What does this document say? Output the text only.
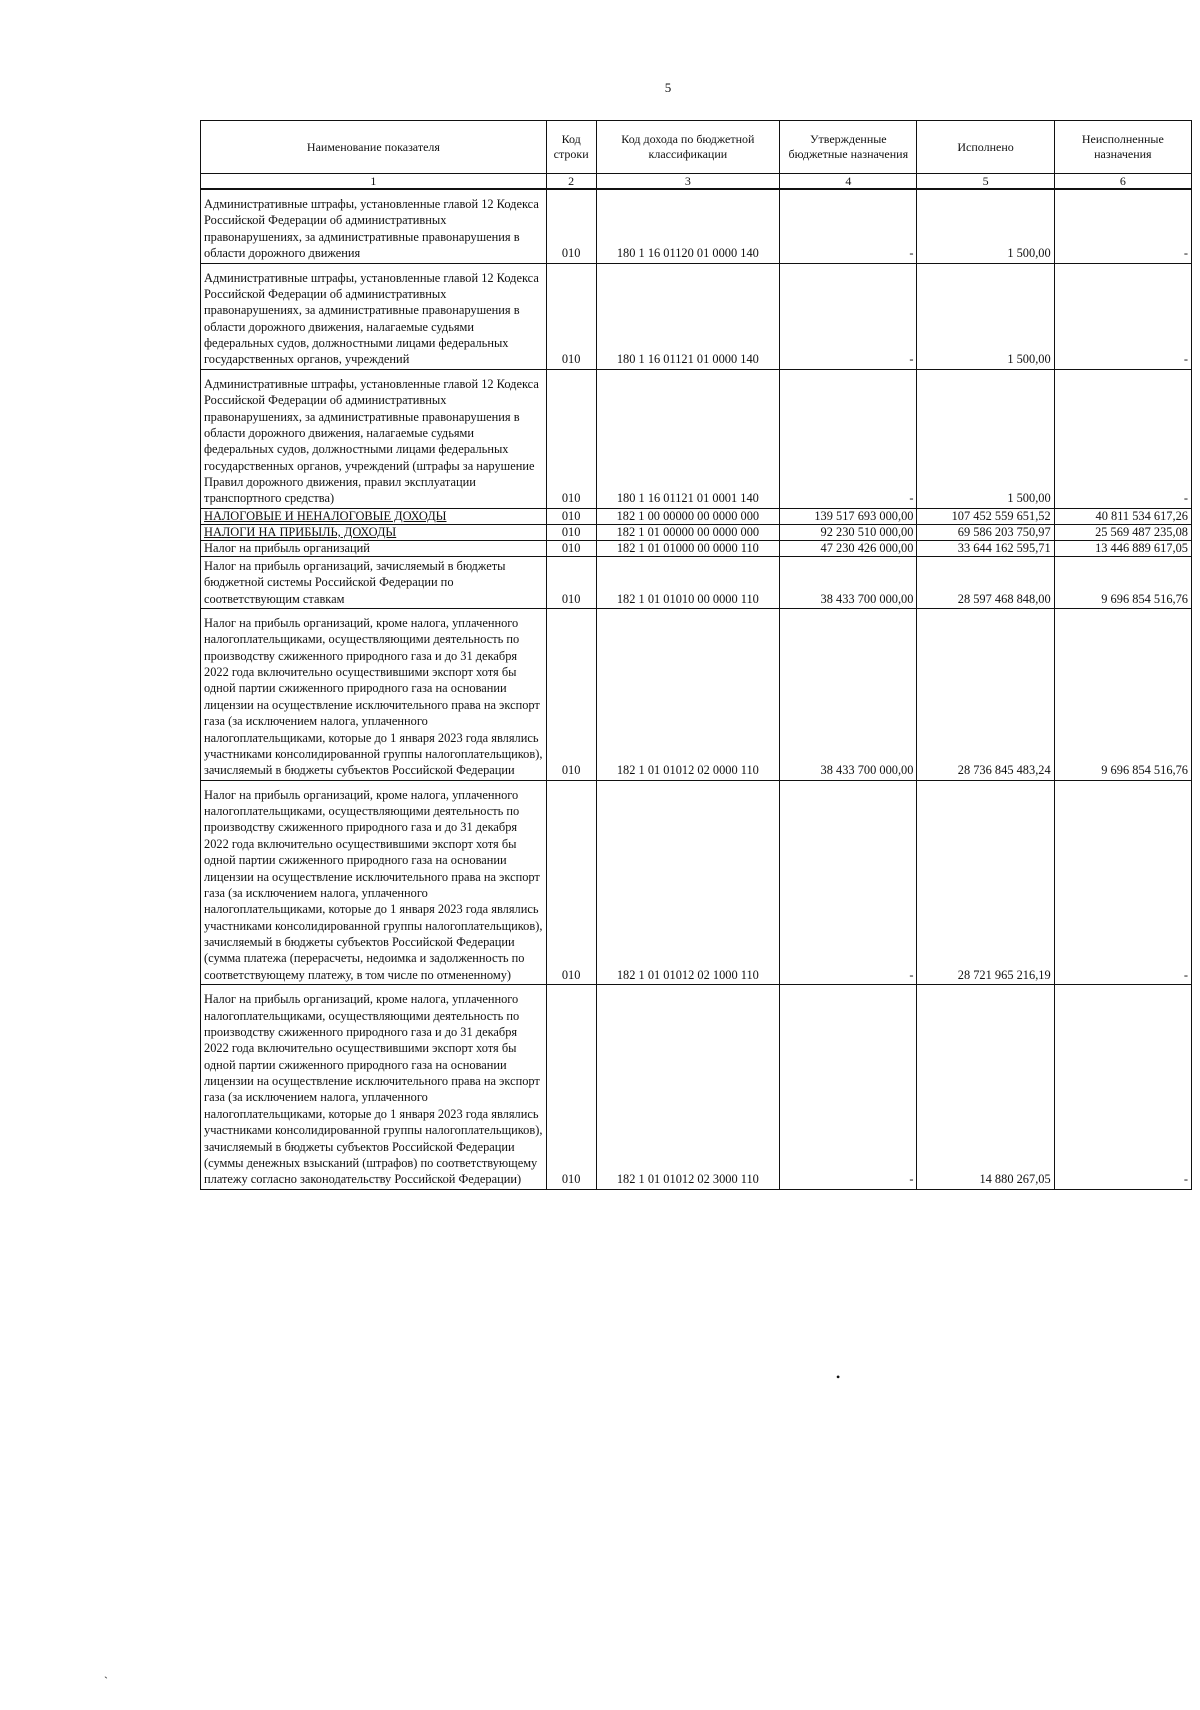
5
Наименование показателя	Код строки	Код дохода по бюджетной классификации	Утвержденные бюджетные назначения	Исполнено	Неисполненные назначения
1	2	3	4	5	6
Административные штрафы, установленные главой 12 Кодекса Российской Федерации об административных правонарушениях, за административные правонарушения в области дорожного движения	010	180 1 16 01120 01 0000 140	-	1 500,00	-
Административные штрафы, установленные главой 12 Кодекса Российской Федерации об административных правонарушениях, за административные правонарушения в области дорожного движения, налагаемые судьями федеральных судов, должностными лицами федеральных государственных органов, учреждений	010	180 1 16 01121 01 0000 140	-	1 500,00	-
Административные штрафы, установленные главой 12 Кодекса Российской Федерации об административных правонарушениях, за административные правонарушения в области дорожного движения, налагаемые судьями федеральных судов, должностными лицами федеральных государственных органов, учреждений (штрафы за нарушение Правил дорожного движения, правил эксплуатации транспортного средства)	010	180 1 16 01121 01 0001 140	-	1 500,00	-
НАЛОГОВЫЕ И НЕНАЛОГОВЫЕ ДОХОДЫ	010	182 1 00 00000 00 0000 000	139 517 693 000,00	107 452 559 651,52	40 811 534 617,26
НАЛОГИ НА ПРИБЫЛЬ, ДОХОДЫ	010	182 1 01 00000 00 0000 000	92 230 510 000,00	69 586 203 750,97	25 569 487 235,08
Налог на прибыль организаций	010	182 1 01 01000 00 0000 110	47 230 426 000,00	33 644 162 595,71	13 446 889 617,05
Налог на прибыль организаций, зачисляемый в бюджеты бюджетной системы Российской Федерации по соответствующим ставкам	010	182 1 01 01010 00 0000 110	38 433 700 000,00	28 597 468 848,00	9 696 854 516,76
Налог на прибыль организаций, кроме налога, уплаченного налогоплательщиками, осуществляющими деятельность по производству сжиженного природного газа и до 31 декабря 2022 года включительно осуществившими экспорт хотя бы одной партии сжиженного природного газа на основании лицензии на осуществление исключительного права на экспорт газа (за исключением налога, уплаченного налогоплательщиками, которые до 1 января 2023 года являлись участниками консолидированной группы налогоплательщиков), зачисляемый в бюджеты субъектов Российской Федерации	010	182 1 01 01012 02 0000 110	38 433 700 000,00	28 736 845 483,24	9 696 854 516,76
Налог на прибыль организаций, кроме налога, уплаченного налогоплательщиками, осуществляющими деятельность по производству сжиженного природного газа и до 31 декабря 2022 года включительно осуществившими экспорт хотя бы одной партии сжиженного природного газа на основании лицензии на осуществление исключительного права на экспорт газа (за исключением налога, уплаченного налогоплательщиками, которые до 1 января 2023 года являлись участниками консолидированной группы налогоплательщиков), зачисляемый в бюджеты субъектов Российской Федерации (сумма платежа (перерасчеты, недоимка и задолженность по соответствующему платежу, в том числе по отмененному)	010	182 1 01 01012 02 1000 110	-	28 721 965 216,19	-
Налог на прибыль организаций, кроме налога, уплаченного налогоплательщиками, осуществляющими деятельность по производству сжиженного природного газа и до 31 декабря 2022 года включительно осуществившими экспорт хотя бы одной партии сжиженного природного газа на основании лицензии на осуществление исключительного права на экспорт газа (за исключением налога, уплаченного налогоплательщиками, которые до 1 января 2023 года являлись участниками консолидированной группы налогоплательщиков), зачисляемый в бюджеты субъектов Российской Федерации (суммы денежных взысканий (штрафов) по соответствующему платежу согласно законодательству Российской Федерации)	010	182 1 01 01012 02 3000 110	-	14 880 267,05	-
•
ˋ
